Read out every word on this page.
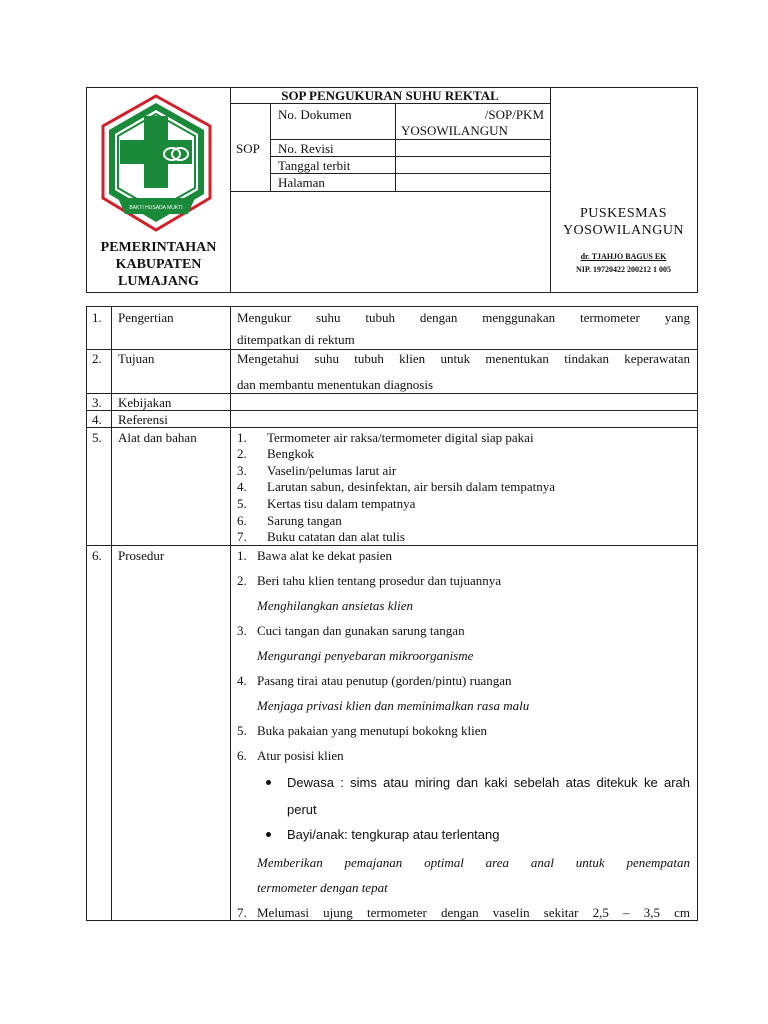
BAKTI HUSADA MUKTI
PEMERINTAHAN
KABUPATEN
LUMAJANG
SOP PENGUKURAN SUHU REKTAL
SOP
No. Dokumen	/SOP/PKM
YOSOWILANGUN
No. Revisi
Tanggal terbit
Halaman
PUSKESMAS
YOSOWILANGUN
dr. TJAHJO BAGUS EK
NIP. 19720422 200212 1 005
1. Pengertian	Mengukur suhu tubuh dengan menggunakan termometer yang
ditempatkan di rektum
2. Tujuan	Mengetahui suhu tubuh klien untuk menentukan tindakan keperawatan
dan membantu menentukan diagnosis
3. Kebijakan
4. Referensi
5. Alat dan bahan	1. Termometer air raksa/termometer digital siap pakai
2. Bengkok
3. Vaselin/pelumas larut air
4. Larutan sabun, desinfektan, air bersih dalam tempatnya
5. Kertas tisu dalam tempatnya
6. Sarung tangan
7. Buku catatan dan alat tulis
6. Prosedur	1. Bawa alat ke dekat pasien
2. Beri tahu klien tentang prosedur dan tujuannya
Menghilangkan ansietas klien
3. Cuci tangan dan gunakan sarung tangan
Mengurangi penyebaran mikroorganisme
4. Pasang tirai atau penutup (gorden/pintu) ruangan
Menjaga privasi klien dan meminimalkan rasa malu
5. Buka pakaian yang menutupi bokokng klien
6. Atur posisi klien
Dewasa : sims atau miring dan kaki sebelah atas ditekuk ke arah
perut
Bayi/anak: tengkurap atau terlentang
Memberikan pemajanan optimal area anal untuk penempatan
termometer dengan tepat
7. Melumasi ujung termometer dengan vaselin sekitar 2,5 – 3,5 cm
